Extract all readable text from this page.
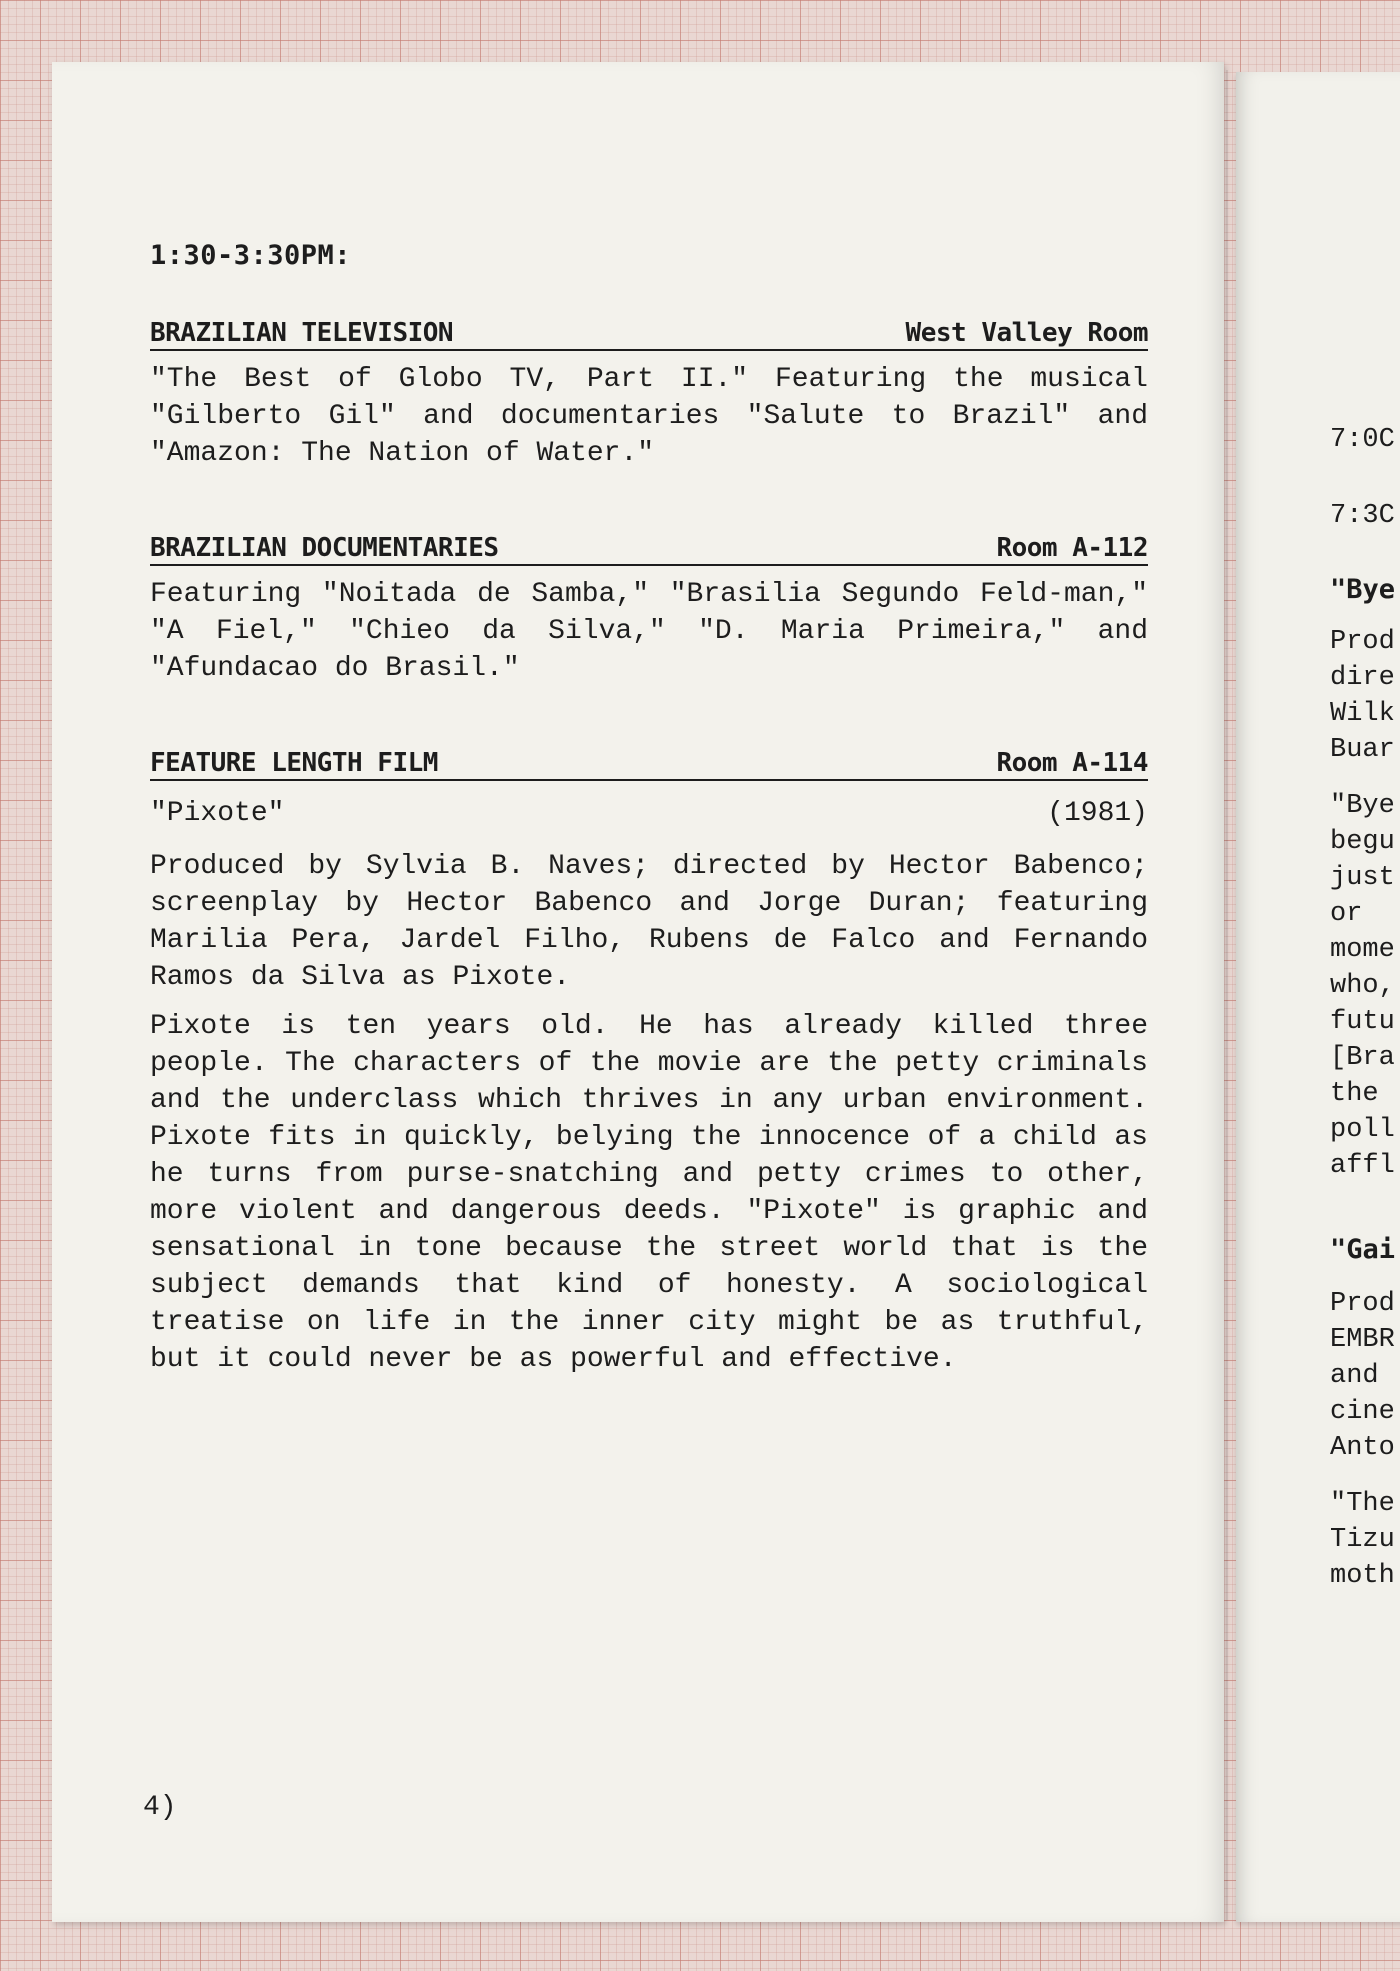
7:0C
7:3C
"Bye
Prod
dire
Wilk
Buar
"Bye
begu
just
or
mome
who,
futu
[Bra
the
poll
affl
"Gai
Prod
EMBR
and
cine
Anto
"The
Tizu
moth
1:30-3:30PM:
BRAZILIAN TELEVISION	West Valley Room

"The Best of Globo TV, Part II." Featuring the musical "Gilberto Gil" and documentaries "Salute to Brazil" and "Amazon: The Nation of Water."

BRAZILIAN DOCUMENTARIES	Room A-112

Featuring "Noitada de Samba," "Brasilia Segundo Feld-man," "A Fiel," "Chieo da Silva," "D. Maria Primeira," and "Afundacao do Brasil."

FEATURE LENGTH FILM	Room A-114
"Pixote"	(1981)

Produced by Sylvia B. Naves; directed by Hector Babenco; screenplay by Hector Babenco and Jorge Duran; featuring Marilia Pera, Jardel Filho, Rubens de Falco and Fernando Ramos da Silva as Pixote.

Pixote is ten years old. He has already killed three people. The characters of the movie are the petty criminals and the underclass which thrives in any urban environment. Pixote fits in quickly, belying the innocence of a child as he turns from purse-snatching and petty crimes to other, more violent and dangerous deeds. "Pixote" is graphic and sensational in tone because the street world that is the subject demands that kind of honesty. A sociological treatise on life in the inner city might be as truthful, but it could never be as powerful and effective.

4)
